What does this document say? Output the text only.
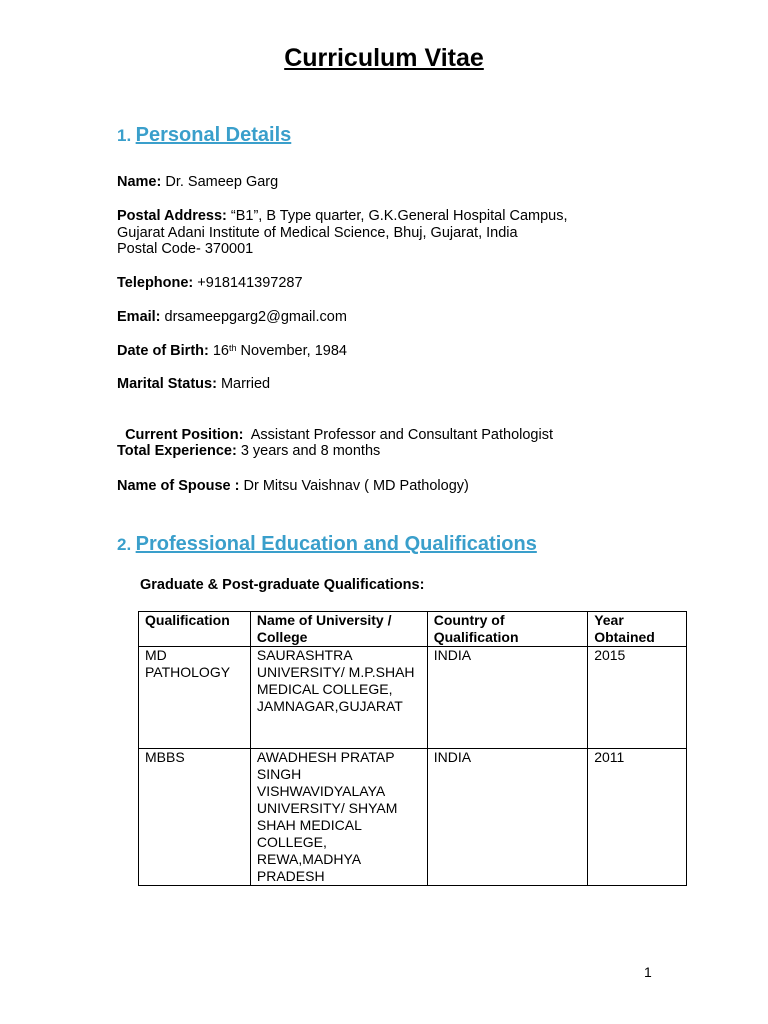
Curriculum Vitae
1. Personal Details
Name: Dr. Sameep Garg
Postal Address: “B1”, B Type quarter, G.K.General Hospital Campus,
Gujarat Adani Institute of Medical Science, Bhuj, Gujarat, India
Postal Code- 370001
Telephone: +918141397287
Email: drsameepgarg2@gmail.com
Date of Birth: 16th November, 1984
Marital Status: Married

Current Position:  Assistant Professor and Consultant Pathologist

Total Experience: 3 years and 8 months
Name of Spouse : Dr Mitsu Vaishnav ( MD Pathology)
2. Professional Education and Qualifications
Graduate & Post-graduate Qualifications:
Qualification	Name of University / College	Country of Qualification	Year Obtained
MD PATHOLOGY	SAURASHTRA UNIVERSITY/ M.P.SHAH MEDICAL COLLEGE, JAMNAGAR,GUJARAT	INDIA	2015
MBBS	AWADHESH PRATAP SINGH VISHWAVIDYALAYA UNIVERSITY/ SHYAM SHAH MEDICAL COLLEGE, REWA,MADHYA PRADESH	INDIA	2011
1
